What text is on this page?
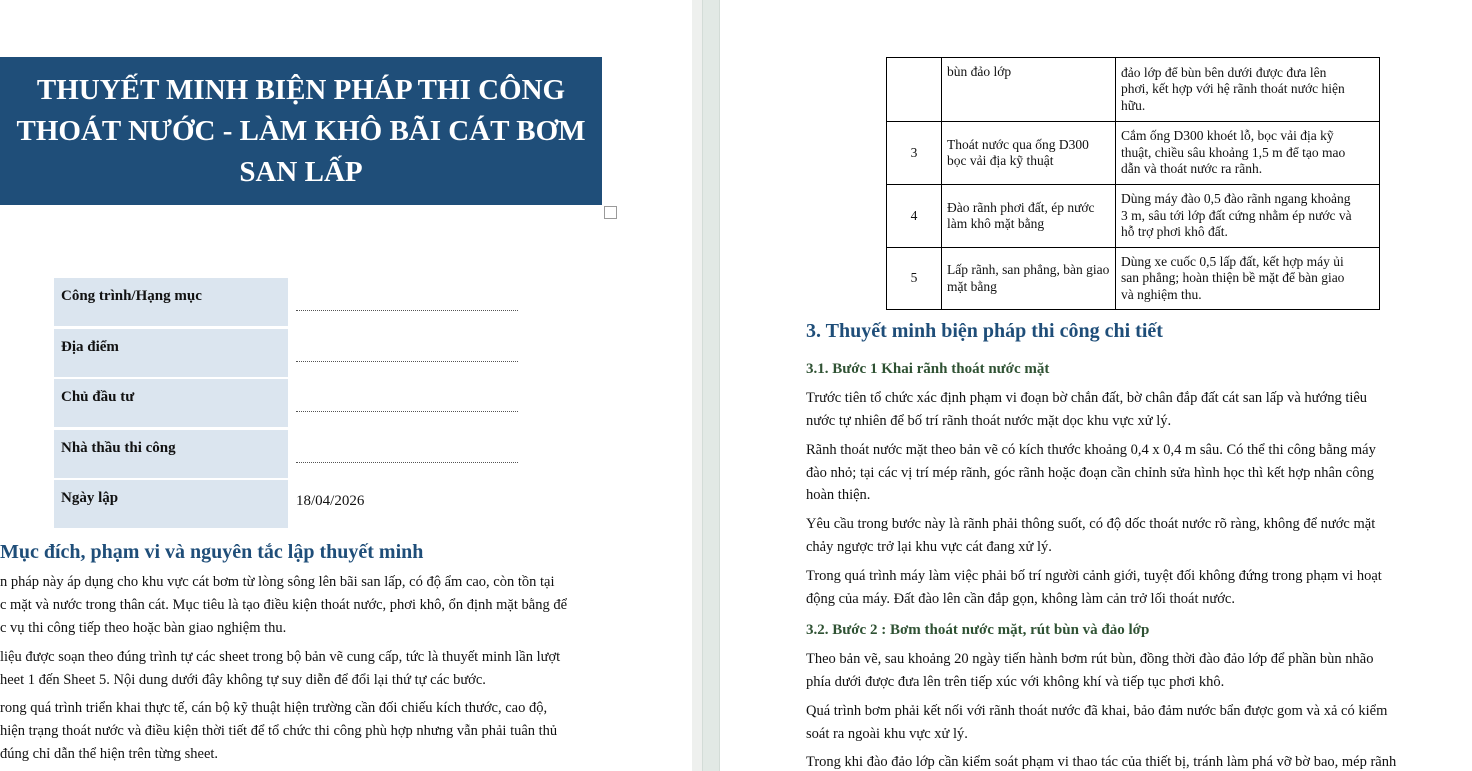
THUYẾT MINH BIỆN PHÁP THI CÔNG THOÁT NƯỚC - LÀM KHÔ BÃI CÁT BƠM SAN LẤP
Công trình/Hạng mục
Địa điểm
Chủ đầu tư
Nhà thầu thi công
Ngày lập	18/04/2026
Mục đích, phạm vi và nguyên tắc lập thuyết minh

n pháp này áp dụng cho khu vực cát bơm từ lòng sông lên bãi san lấp, có độ ẩm cao, còn tồn tại
c mặt và nước trong thân cát. Mục tiêu là tạo điều kiện thoát nước, phơi khô, ổn định mặt bằng để
c vụ thi công tiếp theo hoặc bàn giao nghiệm thu.

liệu được soạn theo đúng trình tự các sheet trong bộ bản vẽ cung cấp, tức là thuyết minh lần lượt
heet 1 đến Sheet 5. Nội dung dưới đây không tự suy diễn để đổi lại thứ tự các bước.

rong quá trình triển khai thực tế, cán bộ kỹ thuật hiện trường cần đối chiếu kích thước, cao độ,
hiện trạng thoát nước và điều kiện thời tiết để tổ chức thi công phù hợp nhưng vẫn phải tuân thủ
đúng chỉ dẫn thể hiện trên từng sheet.

	bùn đảo lớp	đảo lớp để bùn bên dưới được đưa lên
phơi, kết hợp với hệ rãnh thoát nước hiện
hữu.

3	Thoát nước qua ống D300 bọc vải địa kỹ thuật	Cắm ống D300 khoét lỗ, bọc vải địa kỹ
thuật, chiều sâu khoảng 1,5 m để tạo mao
dẫn và thoát nước ra rãnh.

4	Đào rãnh phơi đất, ép nước làm khô mặt bằng	Dùng máy đào 0,5 đào rãnh ngang khoảng
3 m, sâu tới lớp đất cứng nhằm ép nước và
hỗ trợ phơi khô đất.

5	Lấp rãnh, san phẳng, bàn giao mặt bằng	Dùng xe cuốc 0,5 lấp đất, kết hợp máy ủi
san phẳng; hoàn thiện bề mặt để bàn giao
và nghiệm thu.
3. Thuyết minh biện pháp thi công chi tiết
3.1. Bước 1 Khai rãnh thoát nước mặt

Trước tiên tổ chức xác định phạm vi đoạn bờ chắn đất, bờ chân đắp đất cát san lấp và hướng tiêu
nước tự nhiên để bố trí rãnh thoát nước mặt dọc khu vực xử lý.

Rãnh thoát nước mặt theo bản vẽ có kích thước khoảng 0,4 x 0,4 m sâu. Có thể thi công bằng máy
đào nhỏ; tại các vị trí mép rãnh, góc rãnh hoặc đoạn cần chỉnh sửa hình học thì kết hợp nhân công
hoàn thiện.

Yêu cầu trong bước này là rãnh phải thông suốt, có độ dốc thoát nước rõ ràng, không để nước mặt
chảy ngược trở lại khu vực cát đang xử lý.

Trong quá trình máy làm việc phải bố trí người cảnh giới, tuyệt đối không đứng trong phạm vi hoạt
động của máy. Đất đào lên cần đắp gọn, không làm cản trở lối thoát nước.

3.2. Bước 2 : Bơm thoát nước mặt, rút bùn và đảo lớp

Theo bản vẽ, sau khoảng 20 ngày tiến hành bơm rút bùn, đồng thời đào đảo lớp để phần bùn nhão
phía dưới được đưa lên trên tiếp xúc với không khí và tiếp tục phơi khô.

Quá trình bơm phải kết nối với rãnh thoát nước đã khai, bảo đảm nước bẩn được gom và xả có kiểm
soát ra ngoài khu vực xử lý.

Trong khi đào đảo lớp cần kiểm soát phạm vi thao tác của thiết bị, tránh làm phá vỡ bờ bao, mép rãnh
